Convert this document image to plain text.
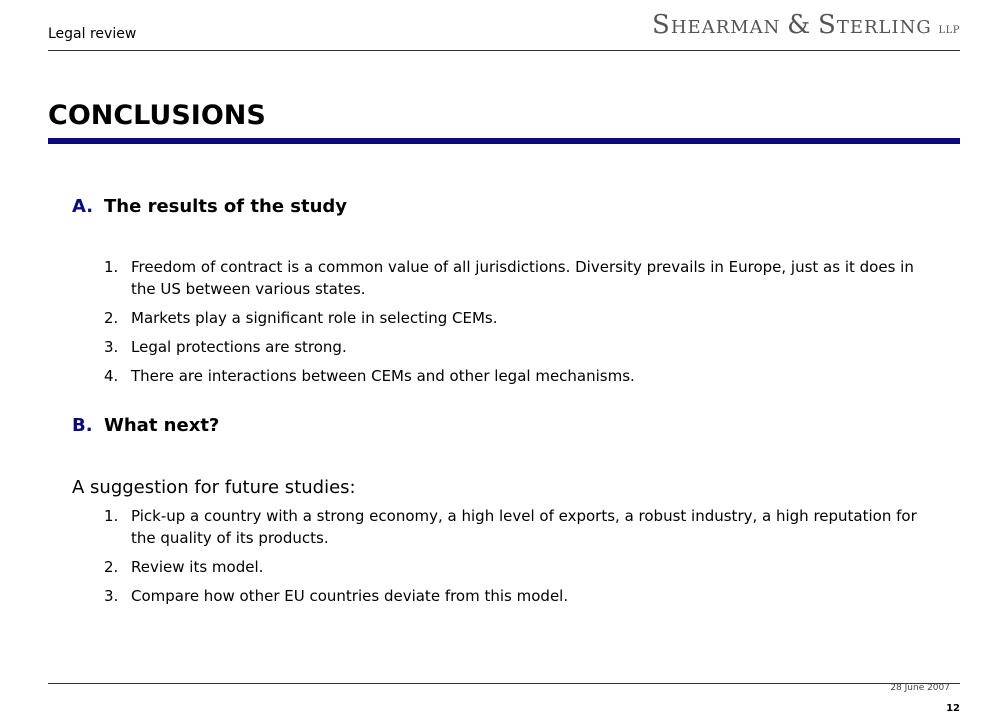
Legal review	SHEARMAN & STERLING LLP
CONCLUSIONS
A. The results of the study
1. Freedom of contract is a common value of all jurisdictions. Diversity prevails in Europe, just as it does in the US between various states.
2. Markets play a significant role in selecting CEMs.
3. Legal protections are strong.
4. There are interactions between CEMs and other legal mechanisms.
B. What next?
A suggestion for future studies:
1. Pick-up a country with a strong economy, a high level of exports, a robust industry, a high reputation for the quality of its products.
2. Review its model.
3. Compare how other EU countries deviate from this model.
28 June 2007
12
